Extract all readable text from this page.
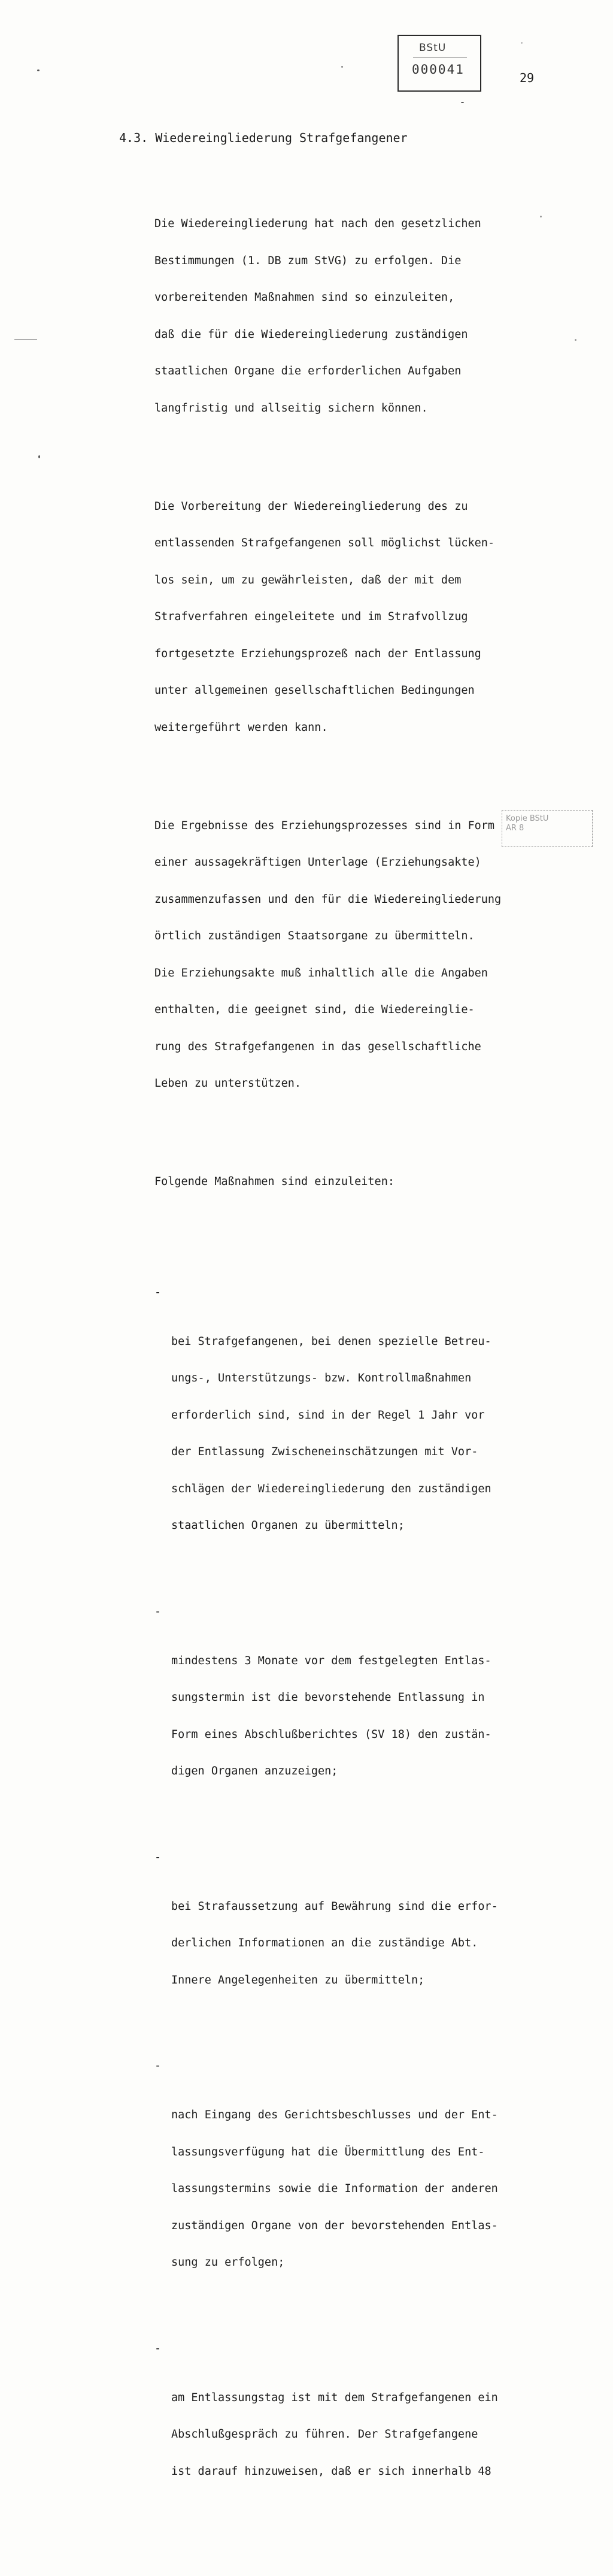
BStU
000041
29
4.3. Wiedereingliederung Strafgefangener

Die Wiedereingliederung hat nach den gesetzlichen

Bestimmungen (1. DB zum StVG) zu erfolgen. Die

vorbereitenden Maßnahmen sind so einzuleiten,

daß die für die Wiedereingliederung zuständigen

staatlichen Organe die erforderlichen Aufgaben

langfristig und allseitig sichern können.

Die Vorbereitung der Wiedereingliederung des zu

entlassenden Strafgefangenen soll möglichst lücken-

los sein, um zu gewährleisten, daß der mit dem

Strafverfahren eingeleitete und im Strafvollzug

fortgesetzte Erziehungsprozeß nach der Entlassung

unter allgemeinen gesellschaftlichen Bedingungen

weitergeführt werden kann.

Die Ergebnisse des Erziehungsprozesses sind in Form

einer aussagekräftigen Unterlage (Erziehungsakte)

zusammenzufassen und den für die Wiedereingliederung

örtlich zuständigen Staatsorgane zu übermitteln.

Die Erziehungsakte muß inhaltlich alle die Angaben

enthalten, die geeignet sind, die Wiedereinglie-

rung des Strafgefangenen in das gesellschaftliche

Leben zu unterstützen.

Folgende Maßnahmen sind einzuleiten:

-

bei Strafgefangenen, bei denen spezielle Betreu-

ungs-, Unterstützungs- bzw. Kontrollmaßnahmen

erforderlich sind, sind in der Regel 1 Jahr vor

der Entlassung Zwischeneinschätzungen mit Vor-

schlägen der Wiedereingliederung den zuständigen

staatlichen Organen zu übermitteln;

-

mindestens 3 Monate vor dem festgelegten Entlas-

sungstermin ist die bevorstehende Entlassung in

Form eines Abschlußberichtes (SV 18) den zustän-

digen Organen anzuzeigen;

-

bei Strafaussetzung auf Bewährung sind die erfor-

derlichen Informationen an die zuständige Abt.

Innere Angelegenheiten zu übermitteln;

-

nach Eingang des Gerichtsbeschlusses und der Ent-

lassungsverfügung hat die Übermittlung des Ent-

lassungstermins sowie die Information der anderen

zuständigen Organe von der bevorstehenden Entlas-

sung zu erfolgen;

-

am Entlassungstag ist mit dem Strafgefangenen ein

Abschlußgespräch zu führen. Der Strafgefangene

ist darauf hinzuweisen, daß er sich innerhalb 48

Kopie BStU
AR 8
